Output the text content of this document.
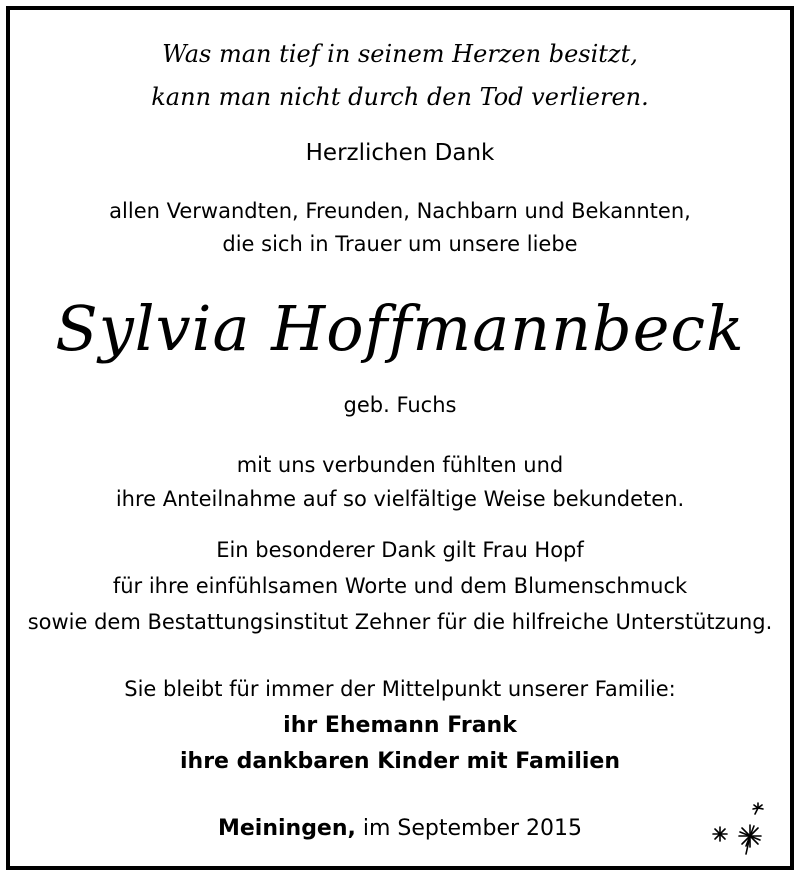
Was man tief in seinem Herzen besitzt,
kann man nicht durch den Tod verlieren.
Herzlichen Dank
allen Verwandten, Freunden, Nachbarn und Bekannten,
die sich in Trauer um unsere liebe
Sylvia Hoffmannbeck
geb. Fuchs
mit uns verbunden fühlten und
ihre Anteilnahme auf so vielfältige Weise bekundeten.
Ein besonderer Dank gilt Frau Hopf
für ihre einfühlsamen Worte und dem Blumenschmuck
sowie dem Bestattungsinstitut Zehner für die hilfreiche Unterstützung.
Sie bleibt für immer der Mittelpunkt unserer Familie:
ihr Ehemann Frank
ihre dankbaren Kinder mit Familien
Meiningen, im September 2015
